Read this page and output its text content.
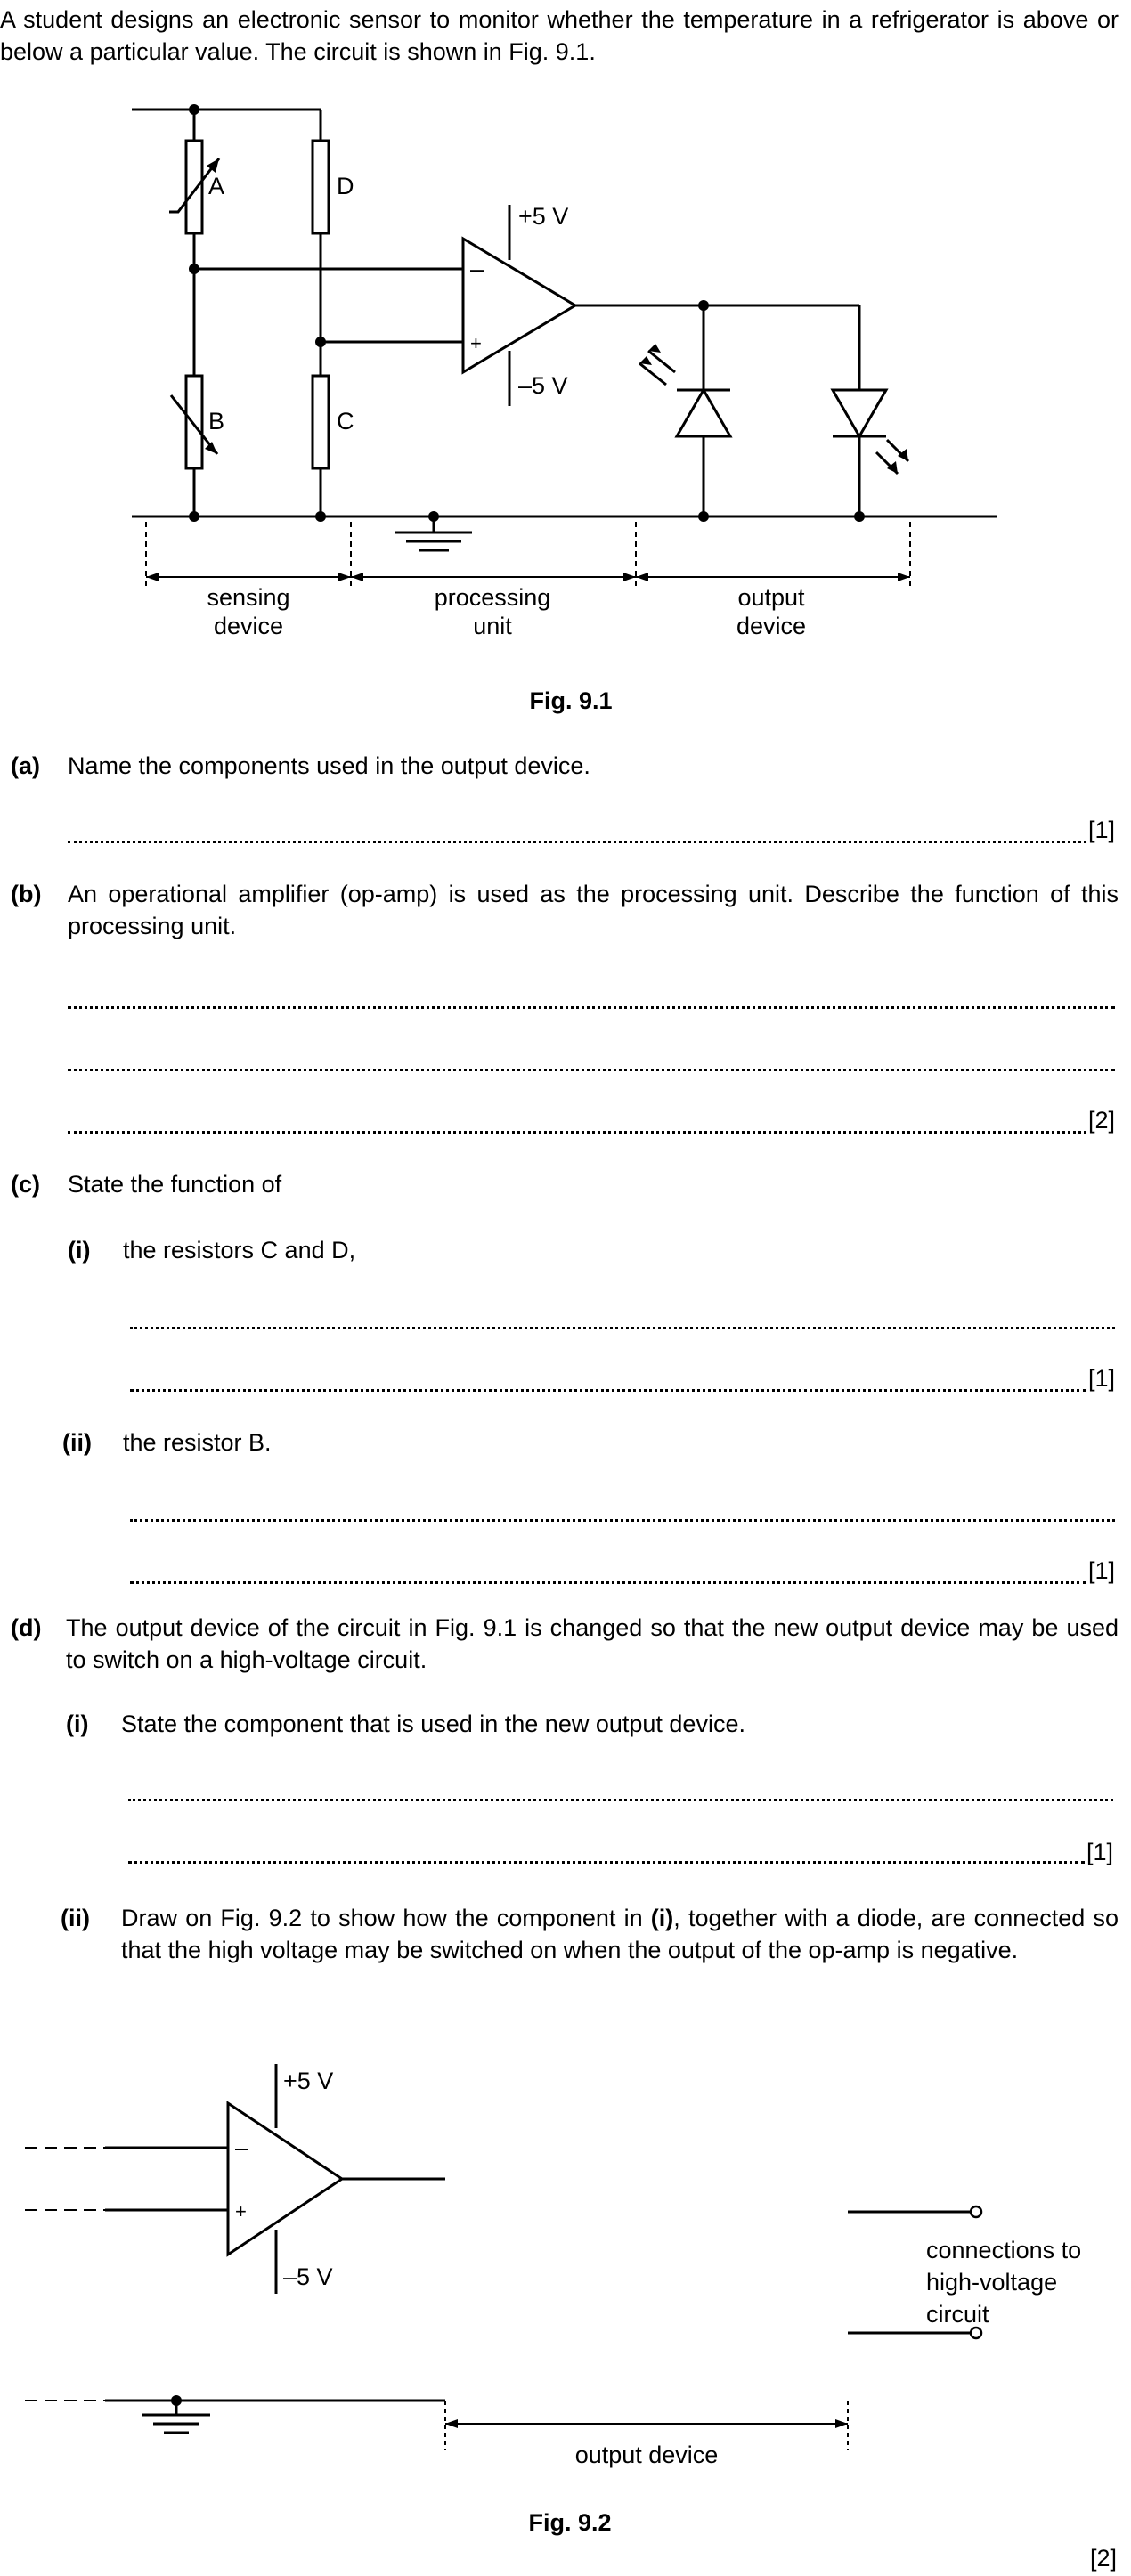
A student designs an electronic sensor to monitor whether the temperature in a refrigerator is above or below a particular value. The circuit is shown in Fig. 9.1.
A	D
B	C
+5 V
–5 V
–
+
sensing
device
processing
unit
output
device
Fig. 9.1
(a) Name the components used in the output device.
[1]
(b) An operational amplifier (op-amp) is used as the processing unit. Describe the function of this processing unit.
[2]
(c) State the function of
(i) the resistors C and D,
[1]
(ii) the resistor B.
[1]
(d) The output device of the circuit in Fig. 9.1 is changed so that the new output device may be used to switch on a high-voltage circuit.
(i) State the component that is used in the new output device.
[1]
(ii) Draw on Fig. 9.2 to show how the component in (i), together with a diode, are connected so that the high voltage may be switched on when the output of the op-amp is negative.
+5 V
–5 V
–
+
connections to
high-voltage
circuit
output device
Fig. 9.2
[2]
